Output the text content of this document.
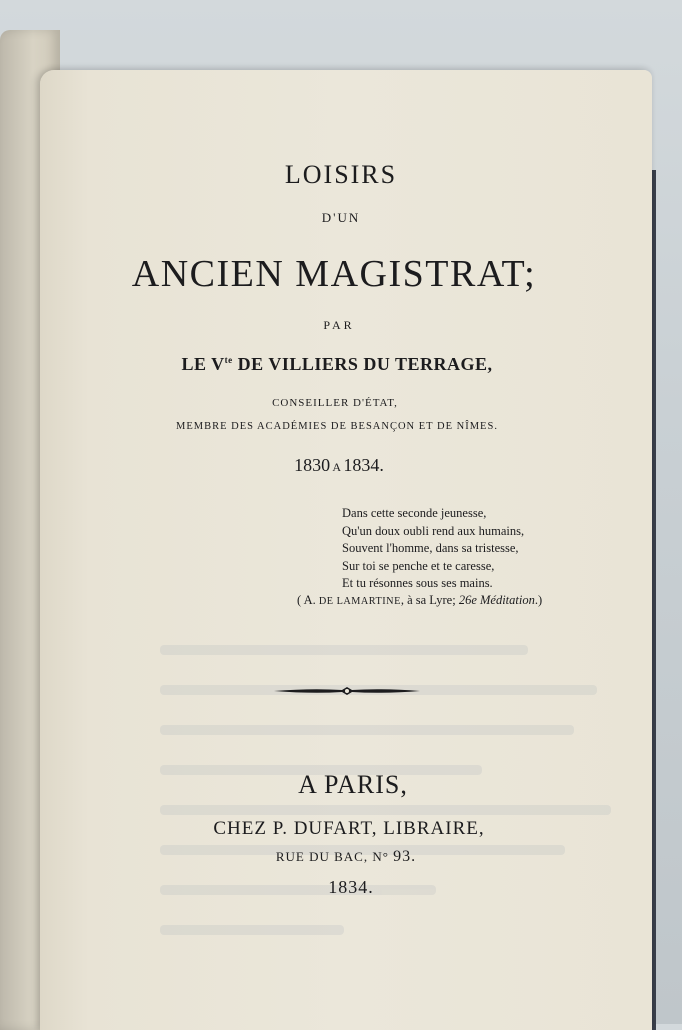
LOISIRS
D'UN
ANCIEN MAGISTRAT;
PAR
LE $V^{te}$ DE VILLIERS DU TERRAGE,
CONSEILLER D'ÉTAT,
MEMBRE DES ACADÉMIES DE BESANÇON ET DE NÎMES.
1830 A 1834.
Dans cette seconde jeunesse,
Qu'un doux oubli rend aux humains,
Souvent l'homme, dans sa tristesse,
Sur toi se penche et te caresse,
Et tu résonnes sous ses mains.
( A. DE LAMARTINE, à sa Lyre; 26e Méditation.)
A PARIS,
CHEZ P. DUFART, LIBRAIRE,
RUE DU BAC, N° 93.
1834.
